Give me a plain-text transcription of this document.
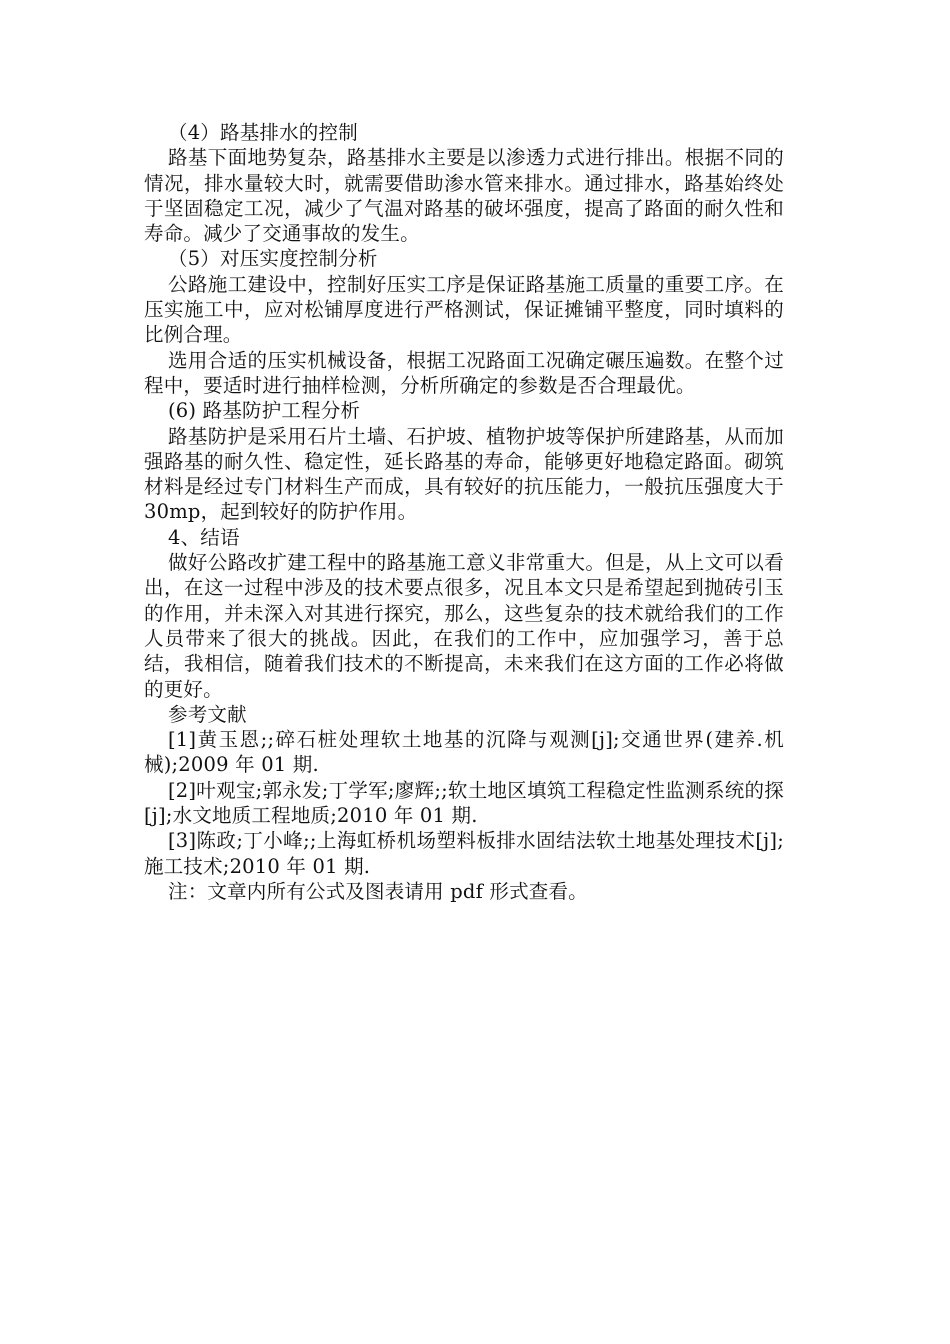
（4）路基排水的控制

路基下面地势复杂，路基排水主要是以渗透力式进行排出。根据不同的情况，排水量较大时，就需要借助渗水管来排水。通过排水，路基始终处于坚固稳定工况，减少了气温对路基的破坏强度，提高了路面的耐久性和寿命。减少了交通事故的发生。

（5）对压实度控制分析

公路施工建设中，控制好压实工序是保证路基施工质量的重要工序。在压实施工中，应对松铺厚度进行严格测试，保证摊铺平整度，同时填料的比例合理。

选用合适的压实机械设备，根据工况路面工况确定碾压遍数。在整个过程中，要适时进行抽样检测，分析所确定的参数是否合理最优。

(6) 路基防护工程分析

路基防护是采用石片土墙、石护坡、植物护坡等保护所建路基，从而加强路基的耐久性、稳定性，延长路基的寿命，能够更好地稳定路面。砌筑材料是经过专门材料生产而成，具有较好的抗压能力，一般抗压强度大于 30mp，起到较好的防护作用。

4、结语

做好公路改扩建工程中的路基施工意义非常重大。但是，从上文可以看出，在这一过程中涉及的技术要点很多，况且本文只是希望起到抛砖引玉的作用，并未深入对其进行探究，那么，这些复杂的技术就给我们的工作人员带来了很大的挑战。因此，在我们的工作中，应加强学习，善于总结，我相信，随着我们技术的不断提高，未来我们在这方面的工作必将做的更好。

参考文献

[1]黄玉恩;;碎石桩处理软土地基的沉降与观测[j];交通世界(建养.机械);2009 年 01 期.

[2]叶观宝;郭永发;丁学军;廖辉;;软土地区填筑工程稳定性监测系统的探[j];水文地质工程地质;2010 年 01 期.

[3]陈政;丁小峰;;上海虹桥机场塑料板排水固结法软土地基处理技术[j];施工技术;2010 年 01 期.

注：文章内所有公式及图表请用 pdf 形式查看。
